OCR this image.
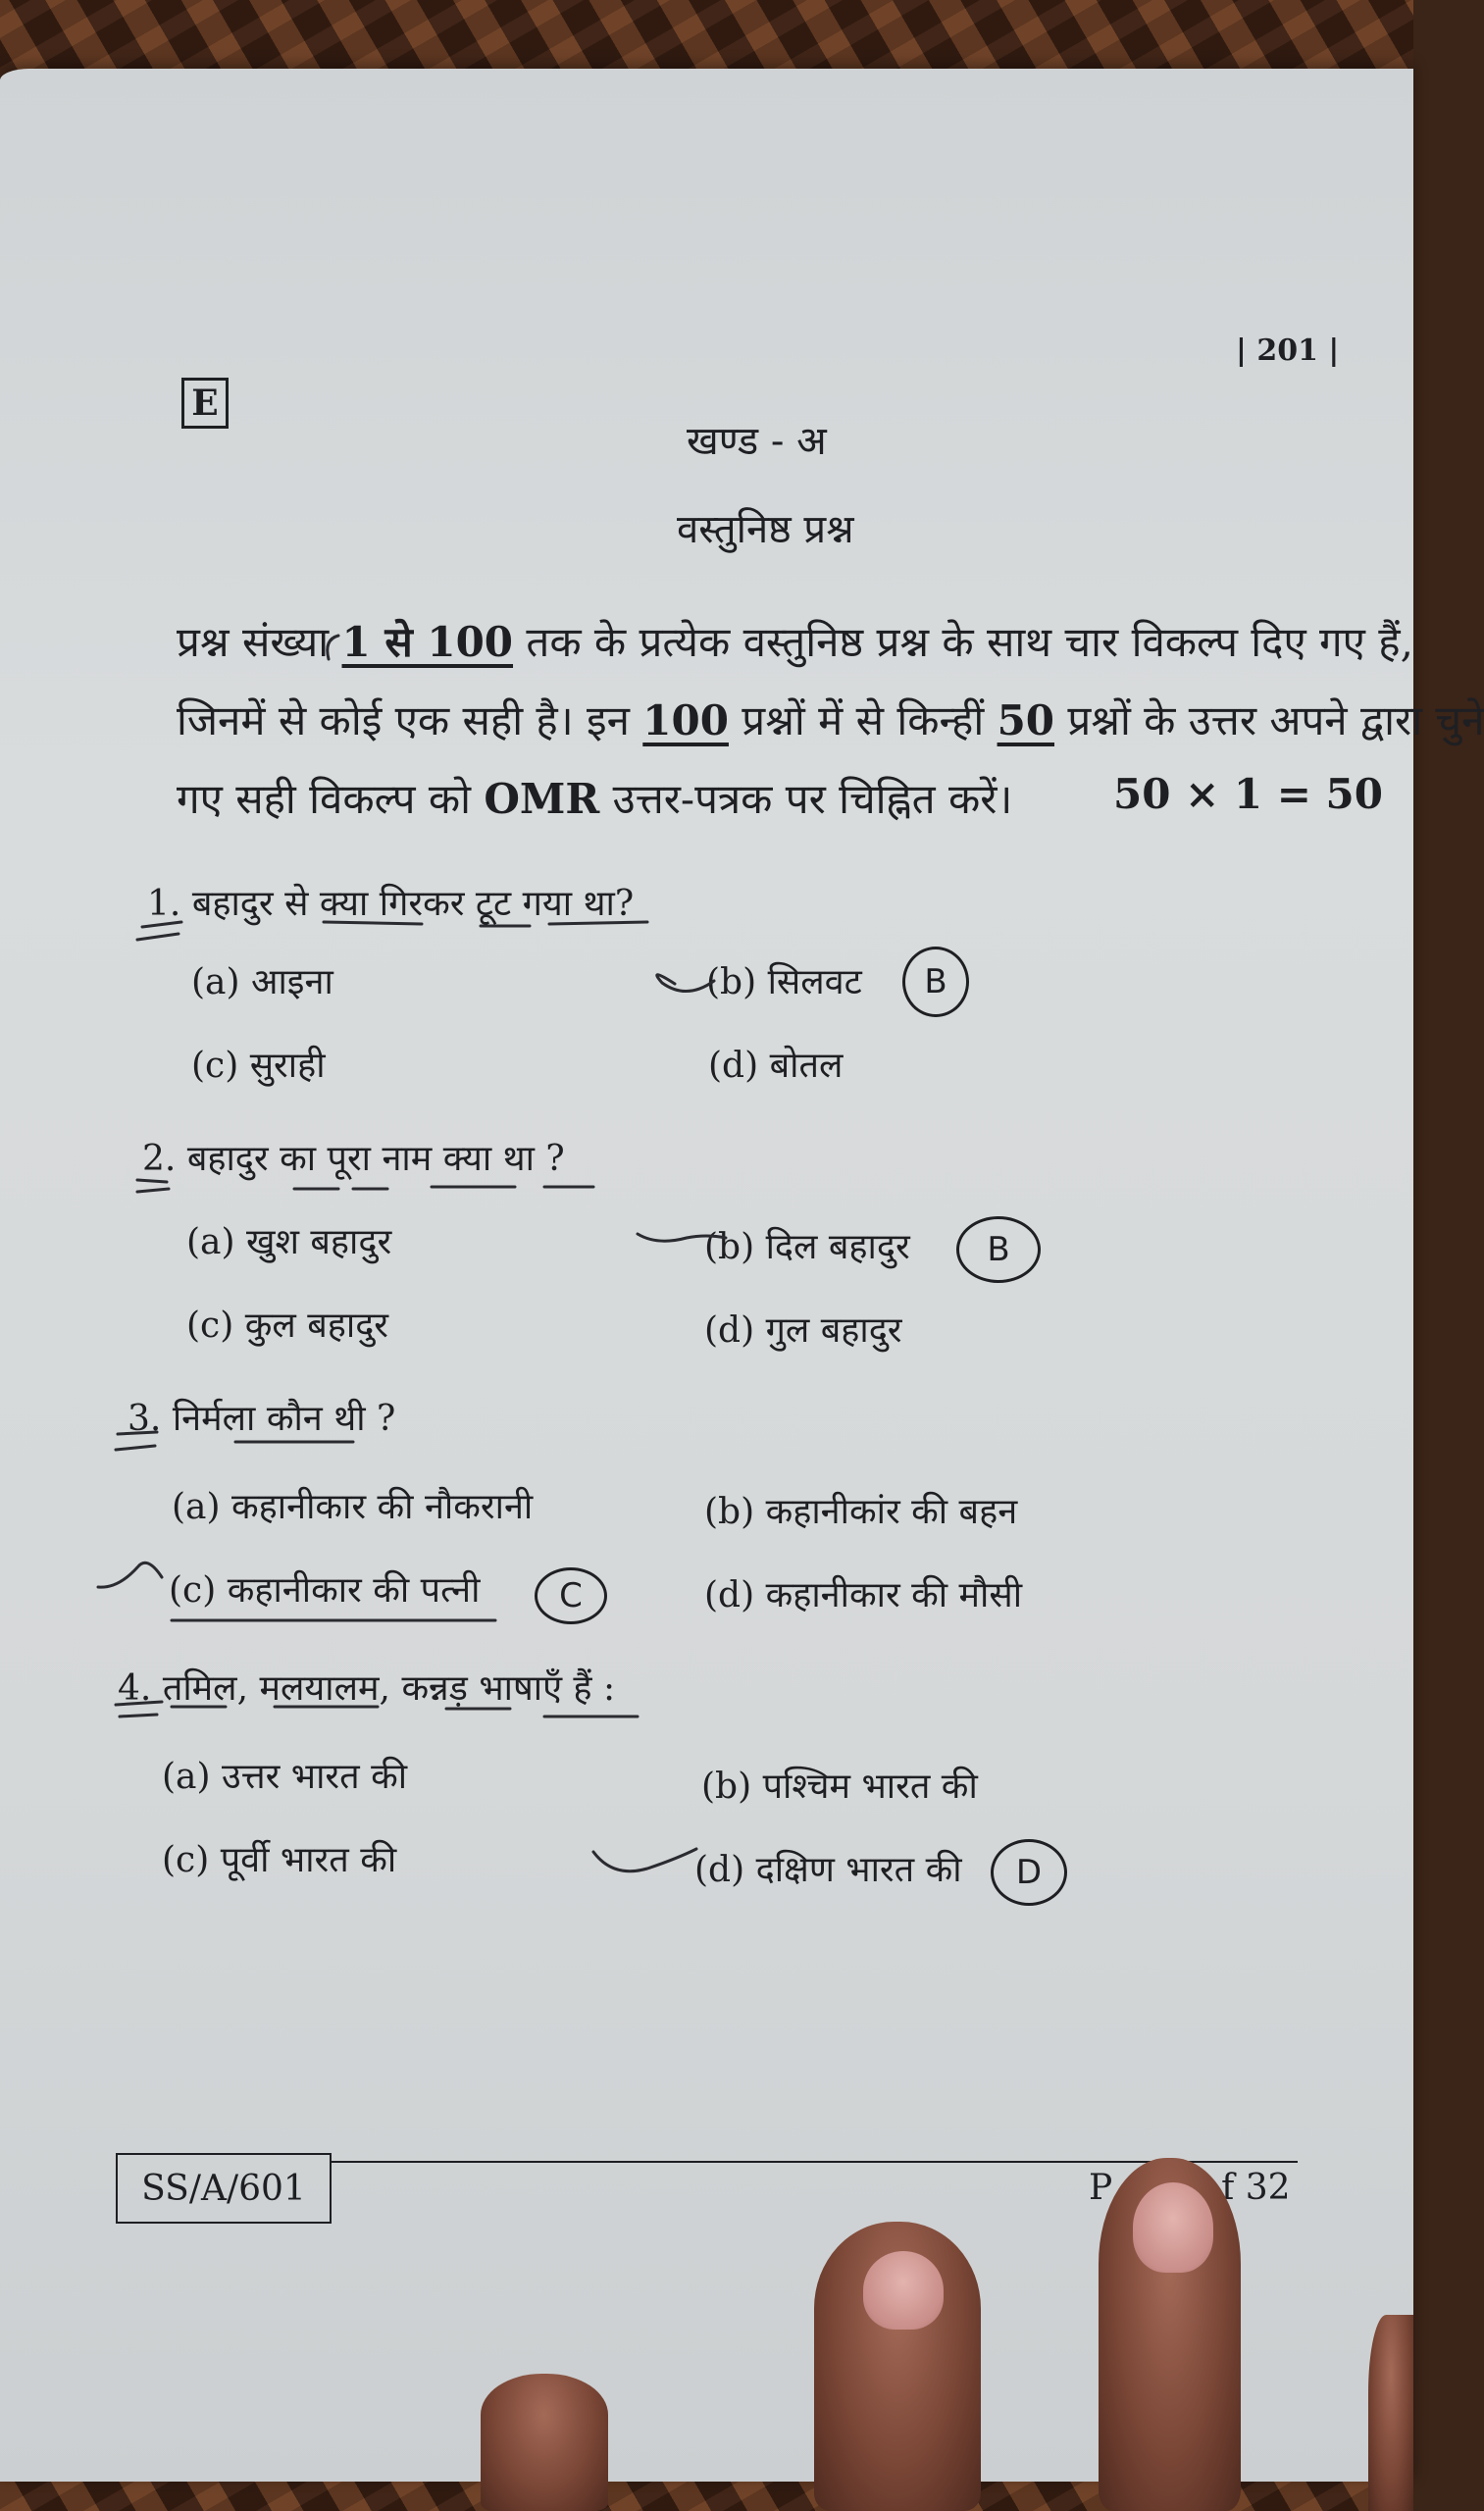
E
| 201 |
खण्ड - अ
वस्तुनिष्ठ प्रश्न
प्रश्न संख्या 1 से 100 तक के प्रत्येक वस्तुनिष्ठ प्रश्न के साथ चार विकल्प दिए गए हैं,
जिनमें से कोई एक सही है। इन 100 प्रश्नों में से किन्हीं 50 प्रश्नों के उत्तर अपने द्वारा चुने
गए सही विकल्प को OMR उत्तर-पत्रक पर चिह्नित करें। 50 × 1 = 50
1. बहादुर से क्या गिरकर टूट गया था?
(a) आइना	(b) सिलवट
(c) सुराही	(d) बोतल
B
2. बहादुर का पूरा नाम क्या था ?
(a) खुश बहादुर	(b) दिल बहादुर
(c) कुल बहादुर	(d) गुल बहादुर
B
3. निर्मला कौन थी ?
(a) कहानीकार की नौकरानी	(b) कहानीकांर की बहन
(c) कहानीकार की पत्नी	(d) कहानीकार की मौसी
C
4. तमिल, मलयालम, कन्नड़ भाषाएँ हैं :
(a) उत्तर भारत की	(b) पश्चिम भारत की
(c) पूर्वी भारत की	(d) दक्षिण भारत की D
SS/A/601	P	f 32
